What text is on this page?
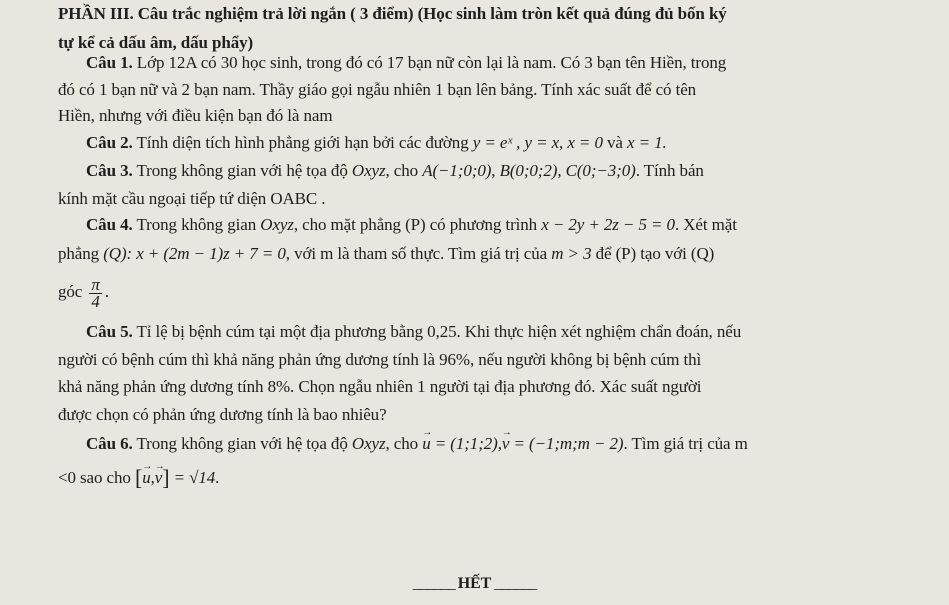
PHẦN III. Câu trắc nghiệm trả lời ngắn ( 3 điểm) (Học sinh làm tròn kết quả đúng đủ bốn ký
tự kể cả dấu âm, dấu phẩy)
Câu 1. Lớp 12A có 30 học sinh, trong đó có 17 bạn nữ còn lại là nam. Có 3 bạn tên Hiền, trong
đó có 1 bạn nữ và 2 bạn nam. Thầy giáo gọi ngẫu nhiên 1 bạn lên bảng. Tính xác suất để có tên
Hiền, nhưng với điều kiện bạn đó là nam
Câu 2. Tính diện tích hình phẳng giới hạn bởi các đường y = eˣ , y = x, x = 0 và x = 1.
Câu 3. Trong không gian với hệ tọa độ Oxyz, cho A(−1;0;0), B(0;0;2), C(0;−3;0). Tính bán
kính mặt cầu ngoại tiếp tứ diện OABC .
Câu 4. Trong không gian Oxyz, cho mặt phẳng (P) có phương trình x − 2y + 2z − 5 = 0. Xét mặt
phẳng (Q): x + (2m − 1)z + 7 = 0, với m là tham số thực. Tìm giá trị của m > 3 để (P) tạo với (Q)
góc $\frac{\pi}{4}$ .
Câu 5. Tỉ lệ bị bệnh cúm tại một địa phương bằng 0,25. Khi thực hiện xét nghiệm chẩn đoán, nếu
người có bệnh cúm thì khả năng phản ứng dương tính là 96%, nếu người không bị bệnh cúm thì
khả năng phản ứng dương tính 8%. Chọn ngẫu nhiên 1 người tại địa phương đó. Xác suất người
được chọn có phản ứng dương tính là bao nhiêu?
Câu 6. Trong không gian với hệ tọa độ Oxyz, cho → u = (1;1;2),→ v = (−1;m;m − 2). Tìm giá trị của m
<0 sao cho [→ u,→ v] = √14.
______ HẾT ______
